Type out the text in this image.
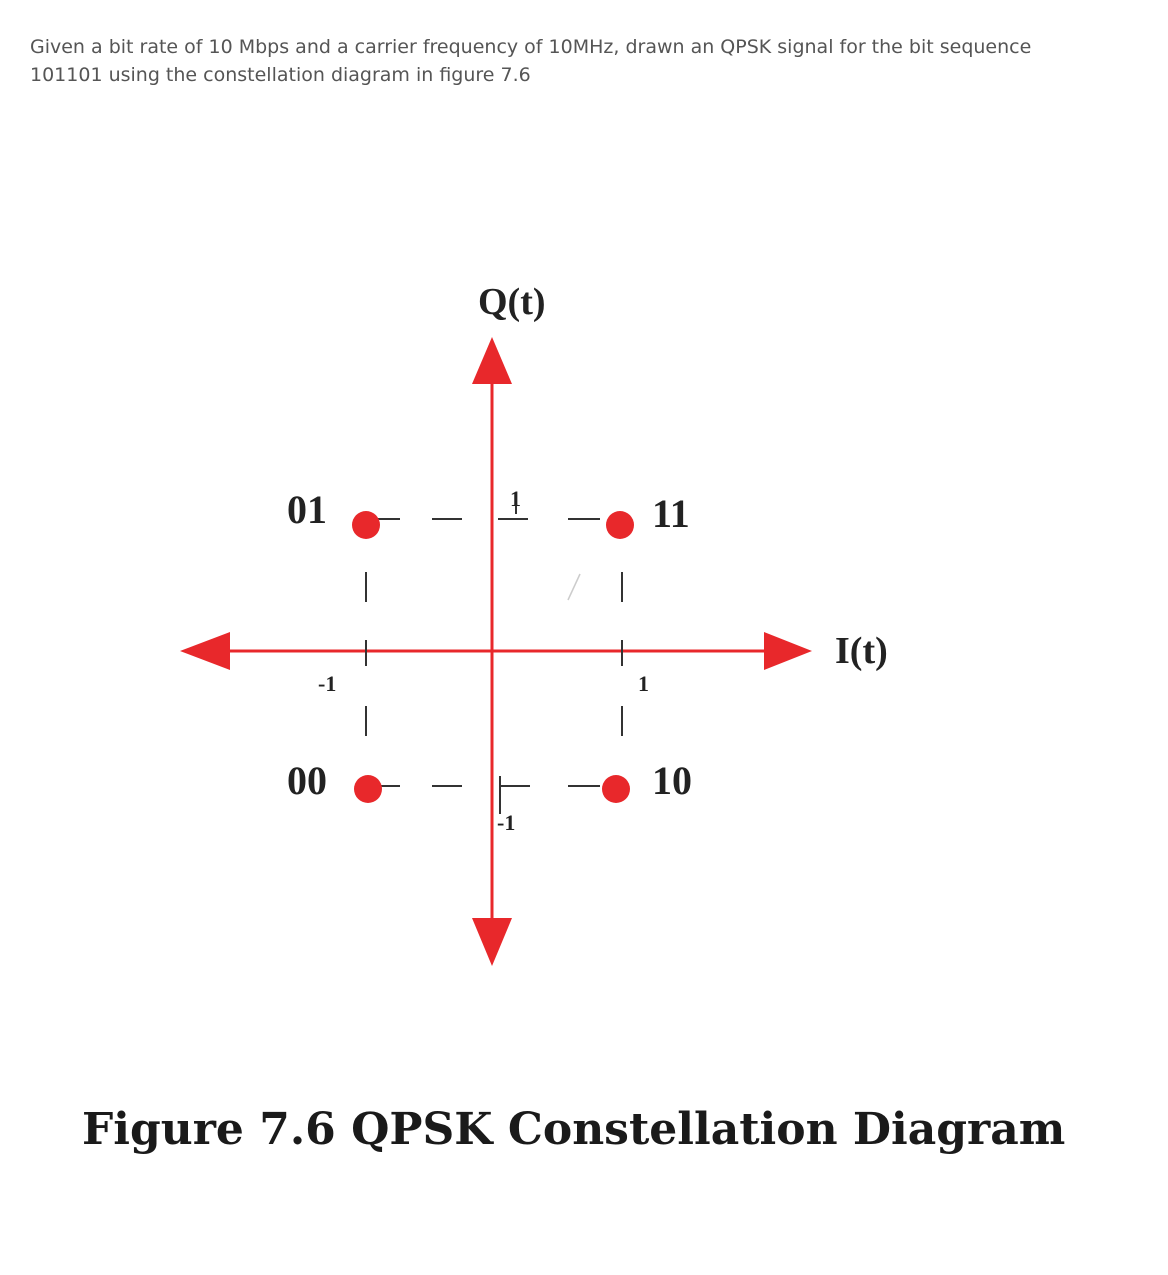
Given a bit rate of 10 Mbps and a carrier frequency of 10MHz, drawn an QPSK signal for the bit sequence
101101 using the constellation diagram in figure 7.6

Q(t)
I(t)
-1	1
1
-1
01	11
00	10

Figure 7.6 QPSK Constellation Diagram
